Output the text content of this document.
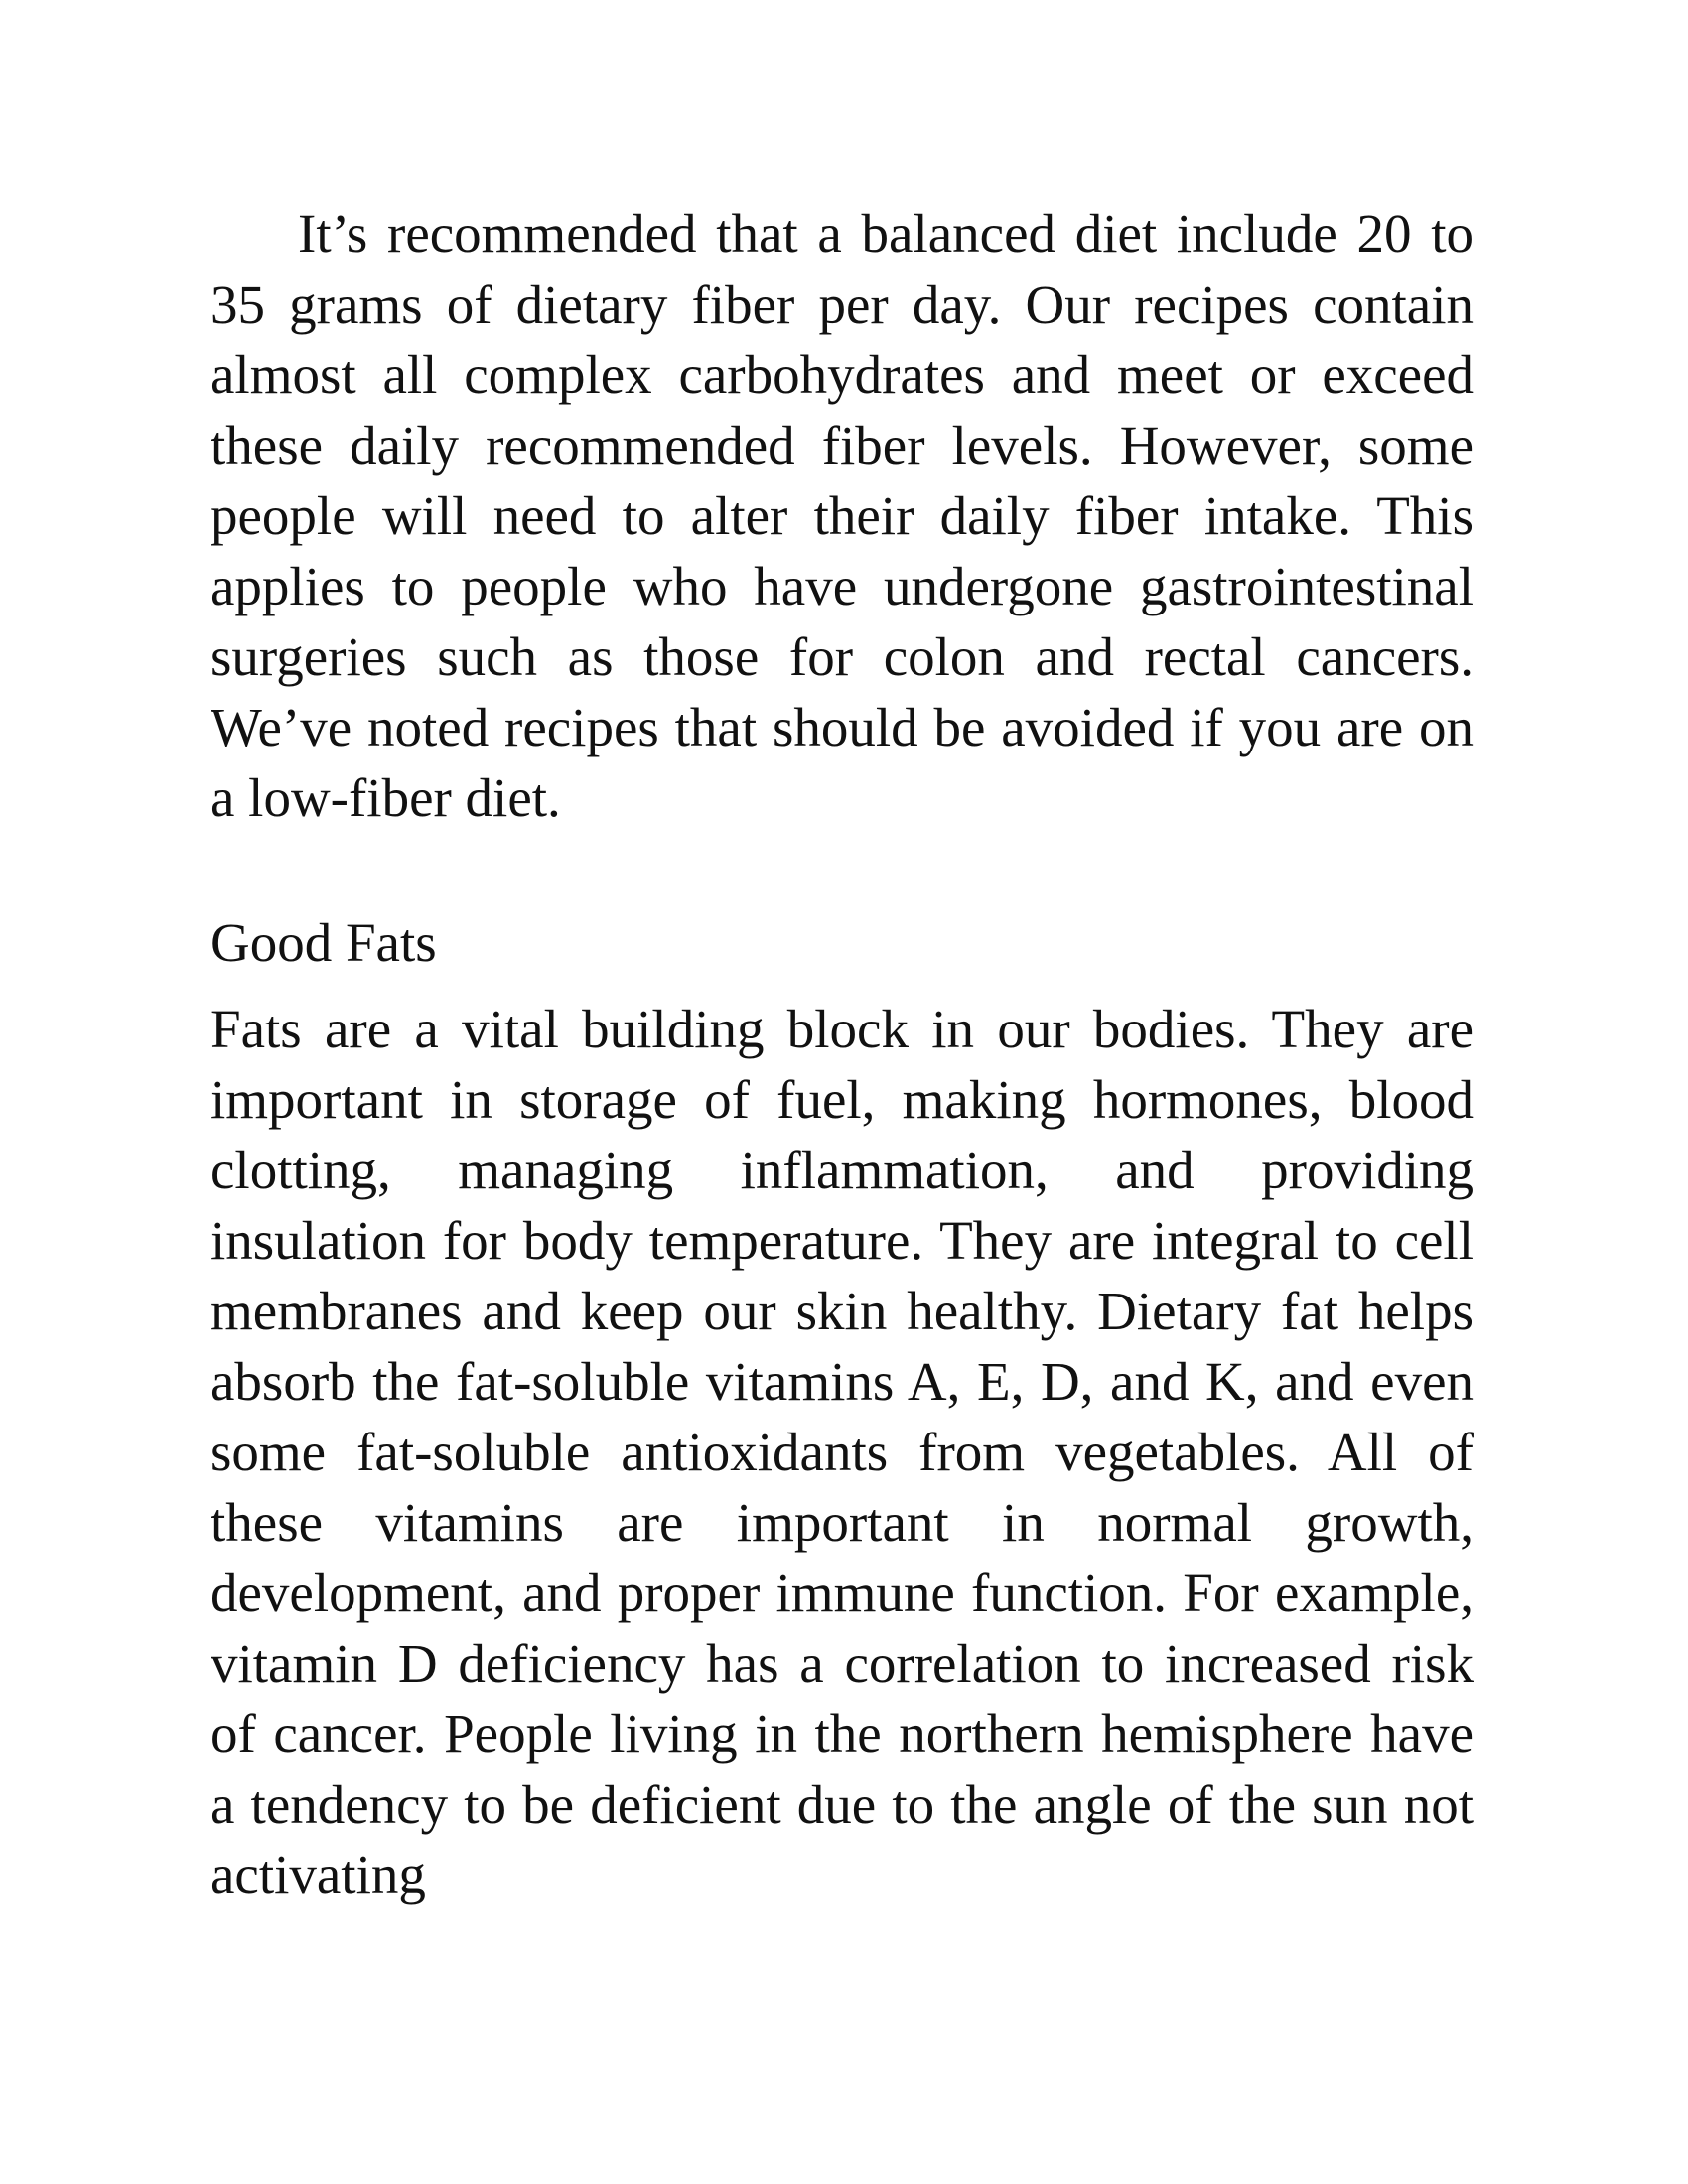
It’s recommended that a balanced diet include 20 to 35 grams of dietary fiber per day. Our recipes contain almost all complex carbohydrates and meet or exceed these daily recommended fiber levels. However, some people will need to alter their daily fiber intake. This applies to people who have undergone gastrointestinal surgeries such as those for colon and rectal cancers. We’ve noted recipes that should be avoided if you are on a low-fiber diet.

Good Fats

Fats are a vital building block in our bodies. They are important in storage of fuel, making hormones, blood clotting, managing inflammation, and providing insulation for body temperature. They are integral to cell membranes and keep our skin healthy. Dietary fat helps absorb the fat-soluble vitamins A, E, D, and K, and even some fat-soluble antioxidants from vegetables. All of these vitamins are important in normal growth, development, and proper immune function. For example, vitamin D deficiency has a correlation to increased risk of cancer. People living in the northern hemisphere have a tendency to be deficient due to the angle of the sun not activating
